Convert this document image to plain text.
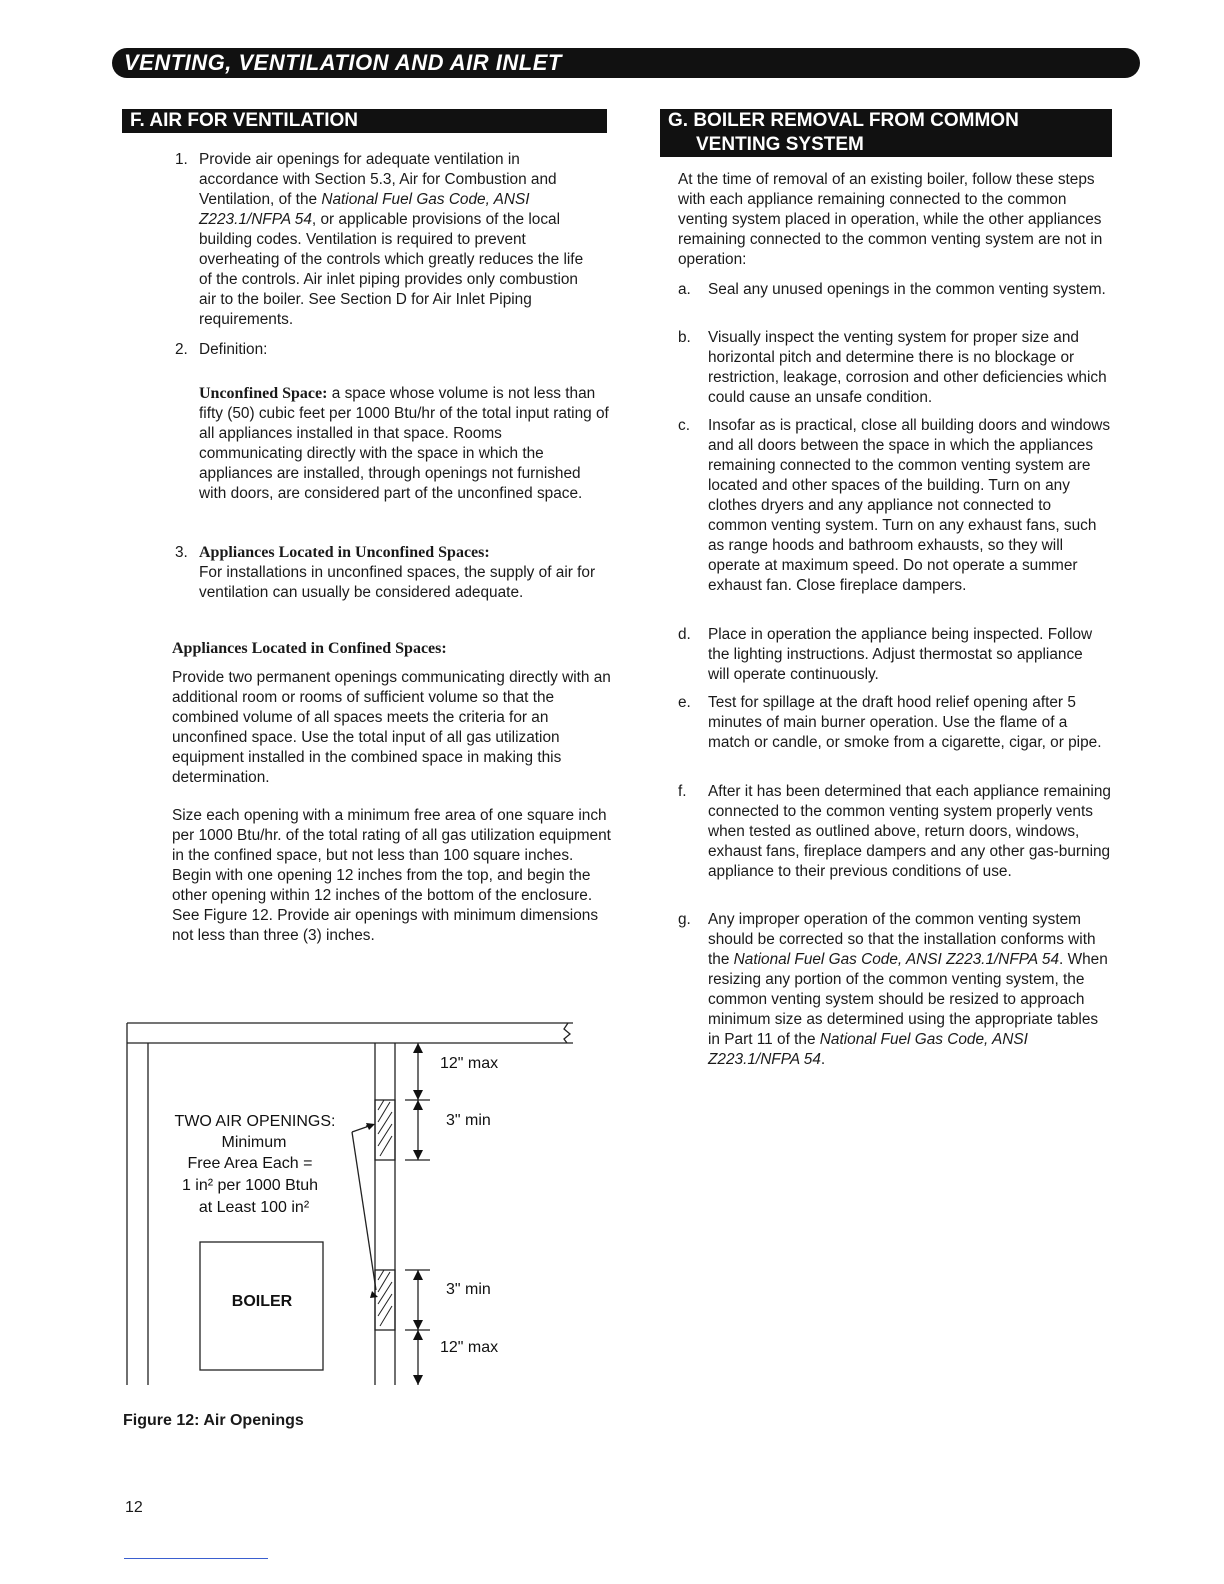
VENTING, VENTILATION AND AIR INLET
F. AIR FOR VENTILATION
1. Provide air openings for adequate ventilation in accordance with Section 5.3, Air for Combustion and Ventilation, of the National Fuel Gas Code, ANSI Z223.1/NFPA 54, or applicable provisions of the local building codes. Ventilation is required to prevent overheating of the controls which greatly reduces the life of the controls. Air inlet piping provides only combustion air to the boiler. See Section D for Air Inlet Piping requirements.
2. Definition:
Unconfined Space: a space whose volume is not less than fifty (50) cubic feet per 1000 Btu/hr of the total input rating of all appliances installed in that space. Rooms communicating directly with the space in which the appliances are installed, through openings not furnished with doors, are considered part of the unconfined space.
3. Appliances Located in Unconfined Spaces:
For installations in unconfined spaces, the supply of air for ventilation can usually be considered adequate.
Appliances Located in Confined Spaces:
Provide two permanent openings communicating directly with an additional room or rooms of sufficient volume so that the combined volume of all spaces meets the criteria for an unconfined space. Use the total input of all gas utilization equipment installed in the combined space in making this determination.
Size each opening with a minimum free area of one square inch per 1000 Btu/hr. of the total rating of all gas utilization equipment in the confined space, but not less than 100 square inches. Begin with one opening 12 inches from the top, and begin the other opening within 12 inches of the bottom of the enclosure. See Figure 12. Provide air openings with minimum dimensions not less than three (3) inches.
12" max
3" min
3" min
12" max
TWO AIR OPENINGS:
Minimum
Free Area Each =
1 in² per 1000 Btuh
at Least 100 in²
BOILER
Figure 12: Air Openings
12
G. BOILER REMOVAL FROM COMMON
VENTING SYSTEM
At the time of removal of an existing boiler, follow these steps with each appliance remaining connected to the common venting system placed in operation, while the other appliances remaining connected to the common venting system are not in operation:
a. Seal any unused openings in the common venting system.
b. Visually inspect the venting system for proper size and horizontal pitch and determine there is no blockage or restriction, leakage, corrosion and other deficiencies which could cause an unsafe condition.
c. Insofar as is practical, close all building doors and windows and all doors between the space in which the appliances remaining connected to the common venting system are located and other spaces of the building. Turn on any clothes dryers and any appliance not connected to common venting system. Turn on any exhaust fans, such as range hoods and bathroom exhausts, so they will operate at maximum speed. Do not operate a summer exhaust fan. Close fireplace dampers.
d. Place in operation the appliance being inspected. Follow the lighting instructions. Adjust thermostat so appliance will operate continuously.
e. Test for spillage at the draft hood relief opening after 5 minutes of main burner operation. Use the flame of a match or candle, or smoke from a cigarette, cigar, or pipe.
f. After it has been determined that each appliance remaining connected to the common venting system properly vents when tested as outlined above, return doors, windows, exhaust fans, fireplace dampers and any other gas-burning appliance to their previous conditions of use.
g. Any improper operation of the common venting system should be corrected so that the installation conforms with the National Fuel Gas Code, ANSI Z223.1/NFPA 54. When resizing any portion of the common venting system, the common venting system should be resized to approach minimum size as determined using the appropriate tables in Part 11 of the National Fuel Gas Code, ANSI Z223.1/NFPA 54.
